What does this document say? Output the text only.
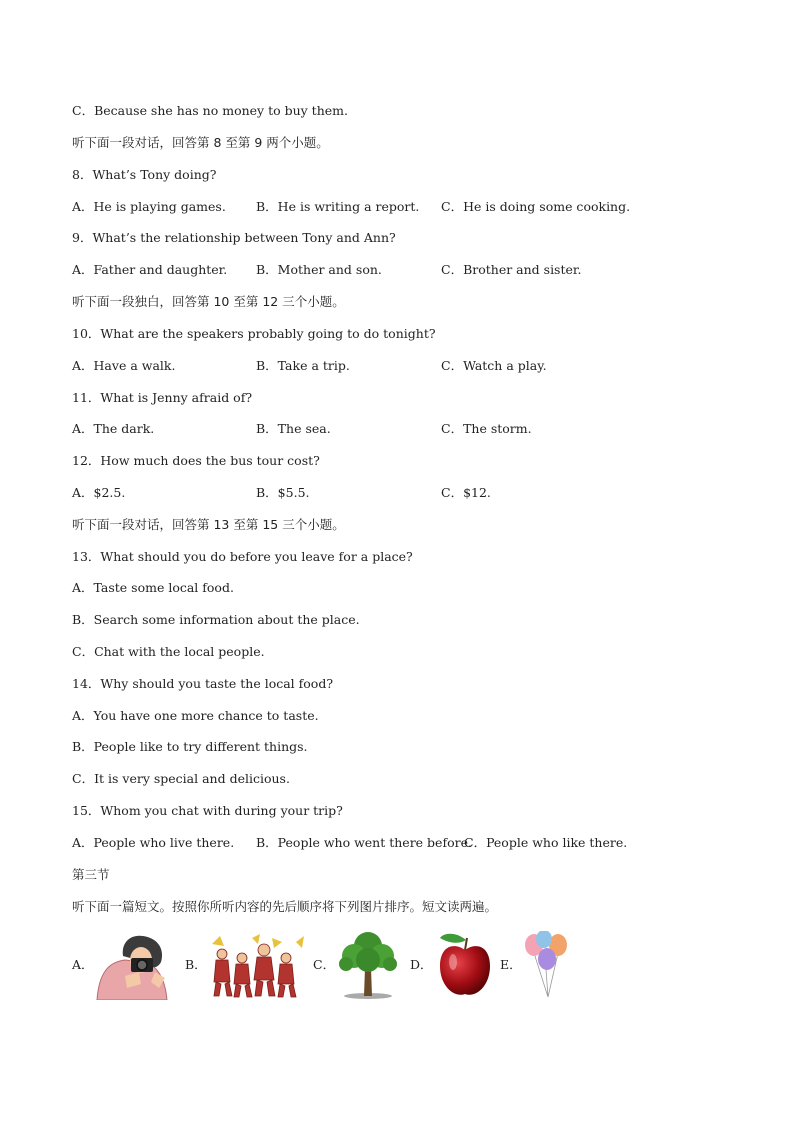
C．Because she has no money to buy them.
听下面一段对话，回答第 8 至第 9 两个小题。
8．What’s Tony doing?
A．He is playing games. B．He is writing a report. C．He is doing some cooking.
9．What’s the relationship between Tony and Ann?
A．Father and daughter. B．Mother and son.	C．Brother and sister.
听下面一段独白，回答第 10 至第 12 三个小题。
10．What are the speakers probably going to do tonight?
A．Have a walk.	B．Take a trip.	C．Watch a play.
11．What is Jenny afraid of?
A．The dark.	B．The sea.	C．The storm.
12．How much does the bus tour cost?
A．$2.5.	B．$5.5.	C．$12.
听下面一段对话，回答第 13 至第 15 三个小题。
13．What should you do before you leave for a place?
A．Taste some local food.
B．Search some information about the place.
C．Chat with the local people.
14．Why should you taste the local food?
A．You have one more chance to taste.
B．People like to try different things.
C．It is very special and delicious.
15．Whom you chat with during your trip?
A．People who live there. B．People who went there before.
C．People who like there.
第三节
听下面一篇短文。按照你所听内容的先后顺序将下列图片排序。短文读两遍。
A．	B．	C．	D．	E．
